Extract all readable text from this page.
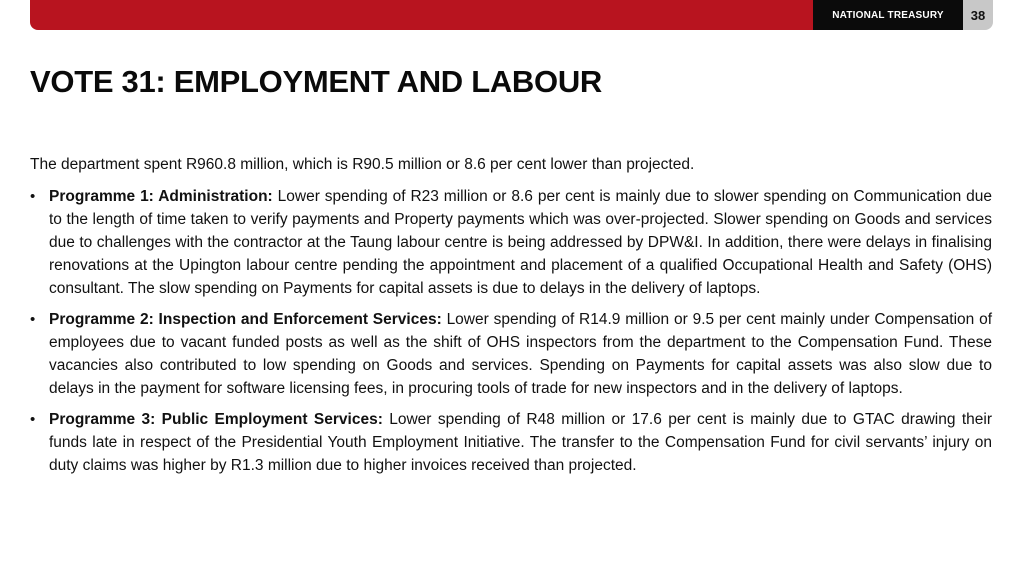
NATIONAL TREASURY	38
VOTE 31: EMPLOYMENT AND LABOUR

The department spent R960.8 million, which is R90.5 million or 8.6 per cent lower than projected.

• Programme 1: Administration: Lower spending of R23 million or 8.6 per cent is mainly due to slower spending on Communication due to the length of time taken to verify payments and Property payments which was over-projected. Slower spending on Goods and services due to challenges with the contractor at the Taung labour centre is being addressed by DPW&I. In addition, there were delays in finalising renovations at the Upington labour centre pending the appointment and placement of a qualified Occupational Health and Safety (OHS) consultant. The slow spending on Payments for capital assets is due to delays in the delivery of laptops.
• Programme 2: Inspection and Enforcement Services: Lower spending of R14.9 million or 9.5 per cent mainly under Compensation of employees due to vacant funded posts as well as the shift of OHS inspectors from the department to the Compensation Fund. These vacancies also contributed to low spending on Goods and services. Spending on Payments for capital assets was also slow due to delays in the payment for software licensing fees, in procuring tools of trade for new inspectors and in the delivery of laptops.
• Programme 3: Public Employment Services: Lower spending of R48 million or 17.6 per cent is mainly due to GTAC drawing their funds late in respect of the Presidential Youth Employment Initiative. The transfer to the Compensation Fund for civil servants’ injury on duty claims was higher by R1.3 million due to higher invoices received than projected.
